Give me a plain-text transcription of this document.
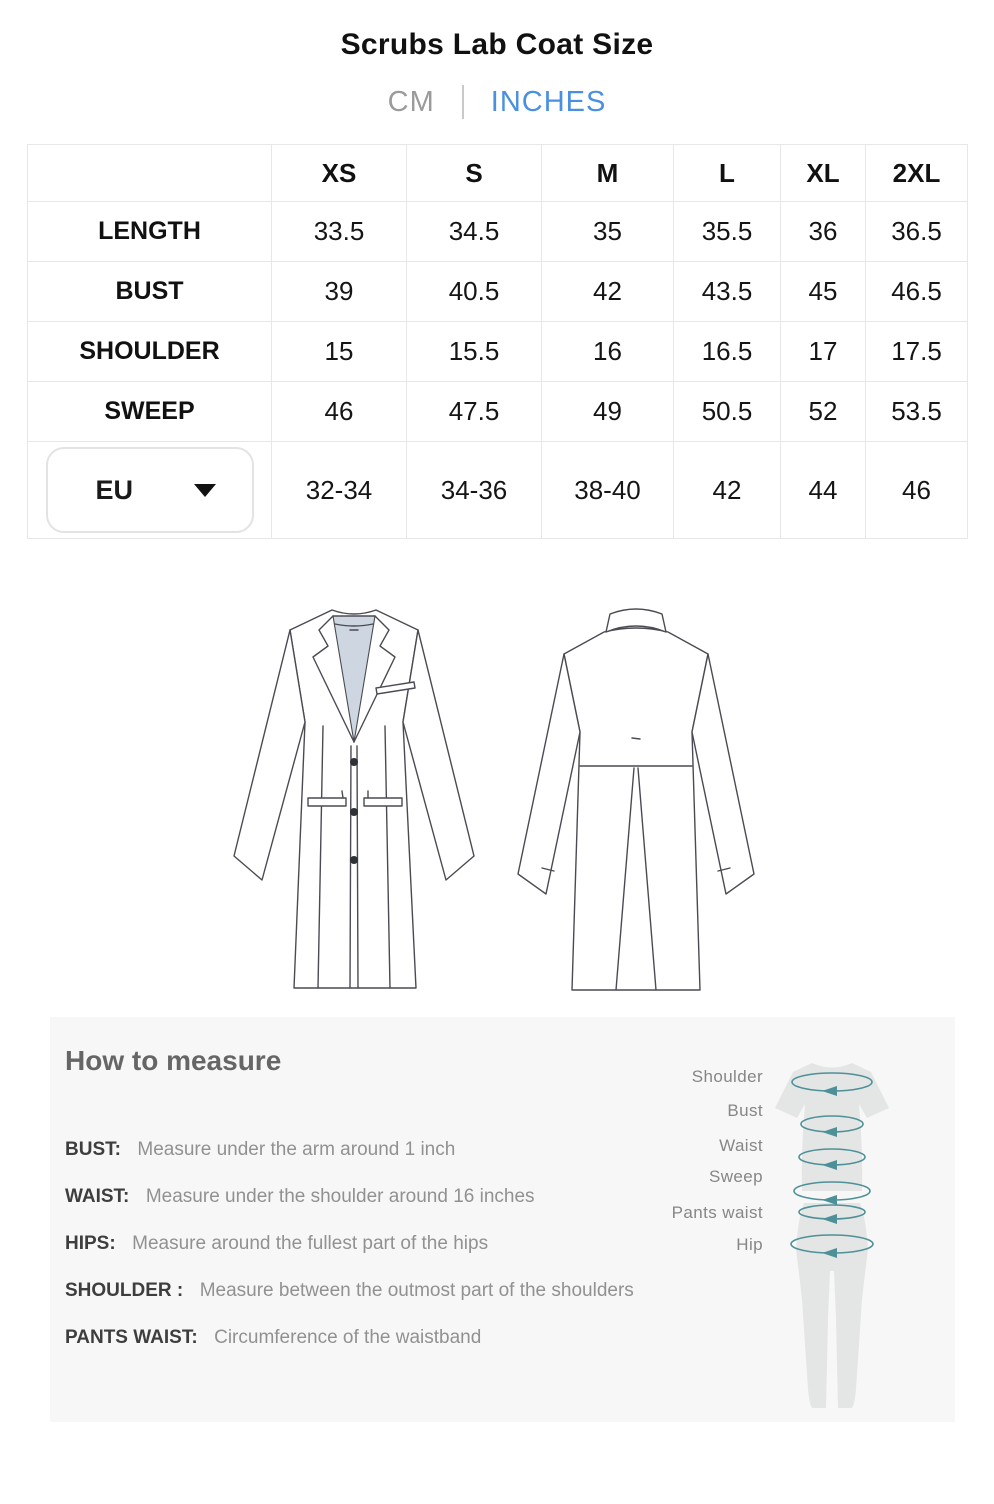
Scrubs Lab Coat Size
CM INCHES
	XS	S	M	L	XL	2XL
LENGTH	33.5	34.5	35	35.5	36	36.5
BUST	39	40.5	42	43.5	45	46.5
SHOULDER	15	15.5	16	16.5	17	17.5
SWEEP	46	47.5	49	50.5	52	53.5

EU	32-34	34-36	38-40	42	44	46
How to measure
BUST: Measure under the arm around 1 inch
WAIST: Measure under the shoulder around 16 inches
HIPS: Measure around the fullest part of the hips
SHOULDER : Measure between the outmost part of the shoulders
PANTS WAIST: Circumference of the waistband
Shoulder
Bust
Waist
Sweep
Pants waist
Hip
